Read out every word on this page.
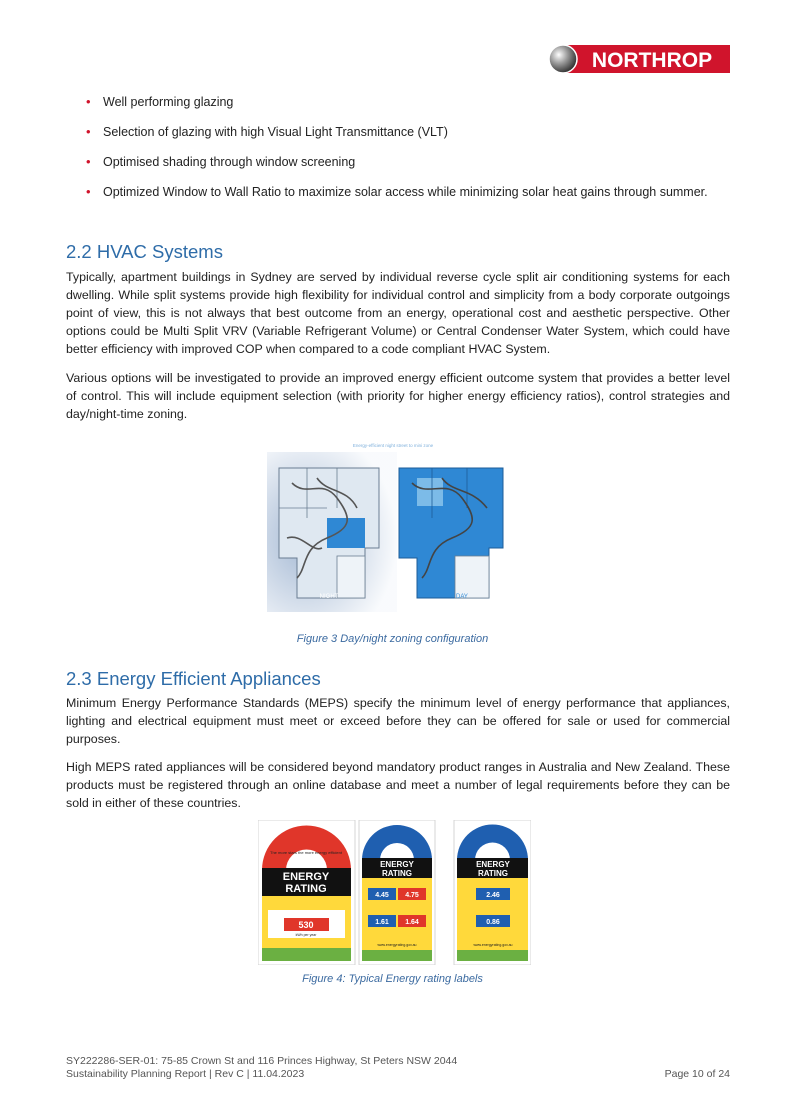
NORTHROP
• Well performing glazing
• Selection of glazing with high Visual Light Transmittance (VLT)
• Optimised shading through window screening
• Optimized Window to Wall Ratio to maximize solar access while minimizing solar heat gains through summer.
2.2 HVAC Systems

Typically, apartment buildings in Sydney are served by individual reverse cycle split air conditioning systems for each dwelling. While split systems provide high flexibility for individual control and simplicity from a body corporate outgoings point of view, this is not always that best outcome from an energy, operational cost and aesthetic perspective. Other options could be Multi Split VRV (Variable Refrigerant Volume) or Central Condenser Water System, which could have better efficiency with improved COP when compared to a code compliant HVAC System.

Various options will be investigated to provide an improved energy efficient outcome system that provides a better level of control. This will include equipment selection (with priority for higher energy efficiency ratios), control strategies and day/night-time zoning.

Energy-efficient night street to mini zone
NIGHT	DAY

Figure 3 Day/night zoning configuration

2.3 Energy Efficient Appliances

Minimum Energy Performance Standards (MEPS) specify the minimum level of energy performance that appliances, lighting and electrical equipment must meet or exceed before they can be offered for sale or used for commercial purposes.

High MEPS rated appliances will be considered beyond mandatory product ranges in Australia and New Zealand. These products must be registered through an online database and meet a number of legal requirements before they can be sold in either of these countries.

The more stars the more energy efficient
ENERGY
RATING
530
kWh per year
ENERGY
RATING
4.45 4.75
1.61 1.64
www.energyrating.gov.au
ENERGY
RATING
2.46
0.86
www.energyrating.gov.au

Figure 4: Typical Energy rating labels

SY222286-SER-01: 75-85 Crown St and 116 Princes Highway, St Peters NSW 2044
Sustainability Planning Report | Rev C | 11.04.2023	Page 10 of 24
